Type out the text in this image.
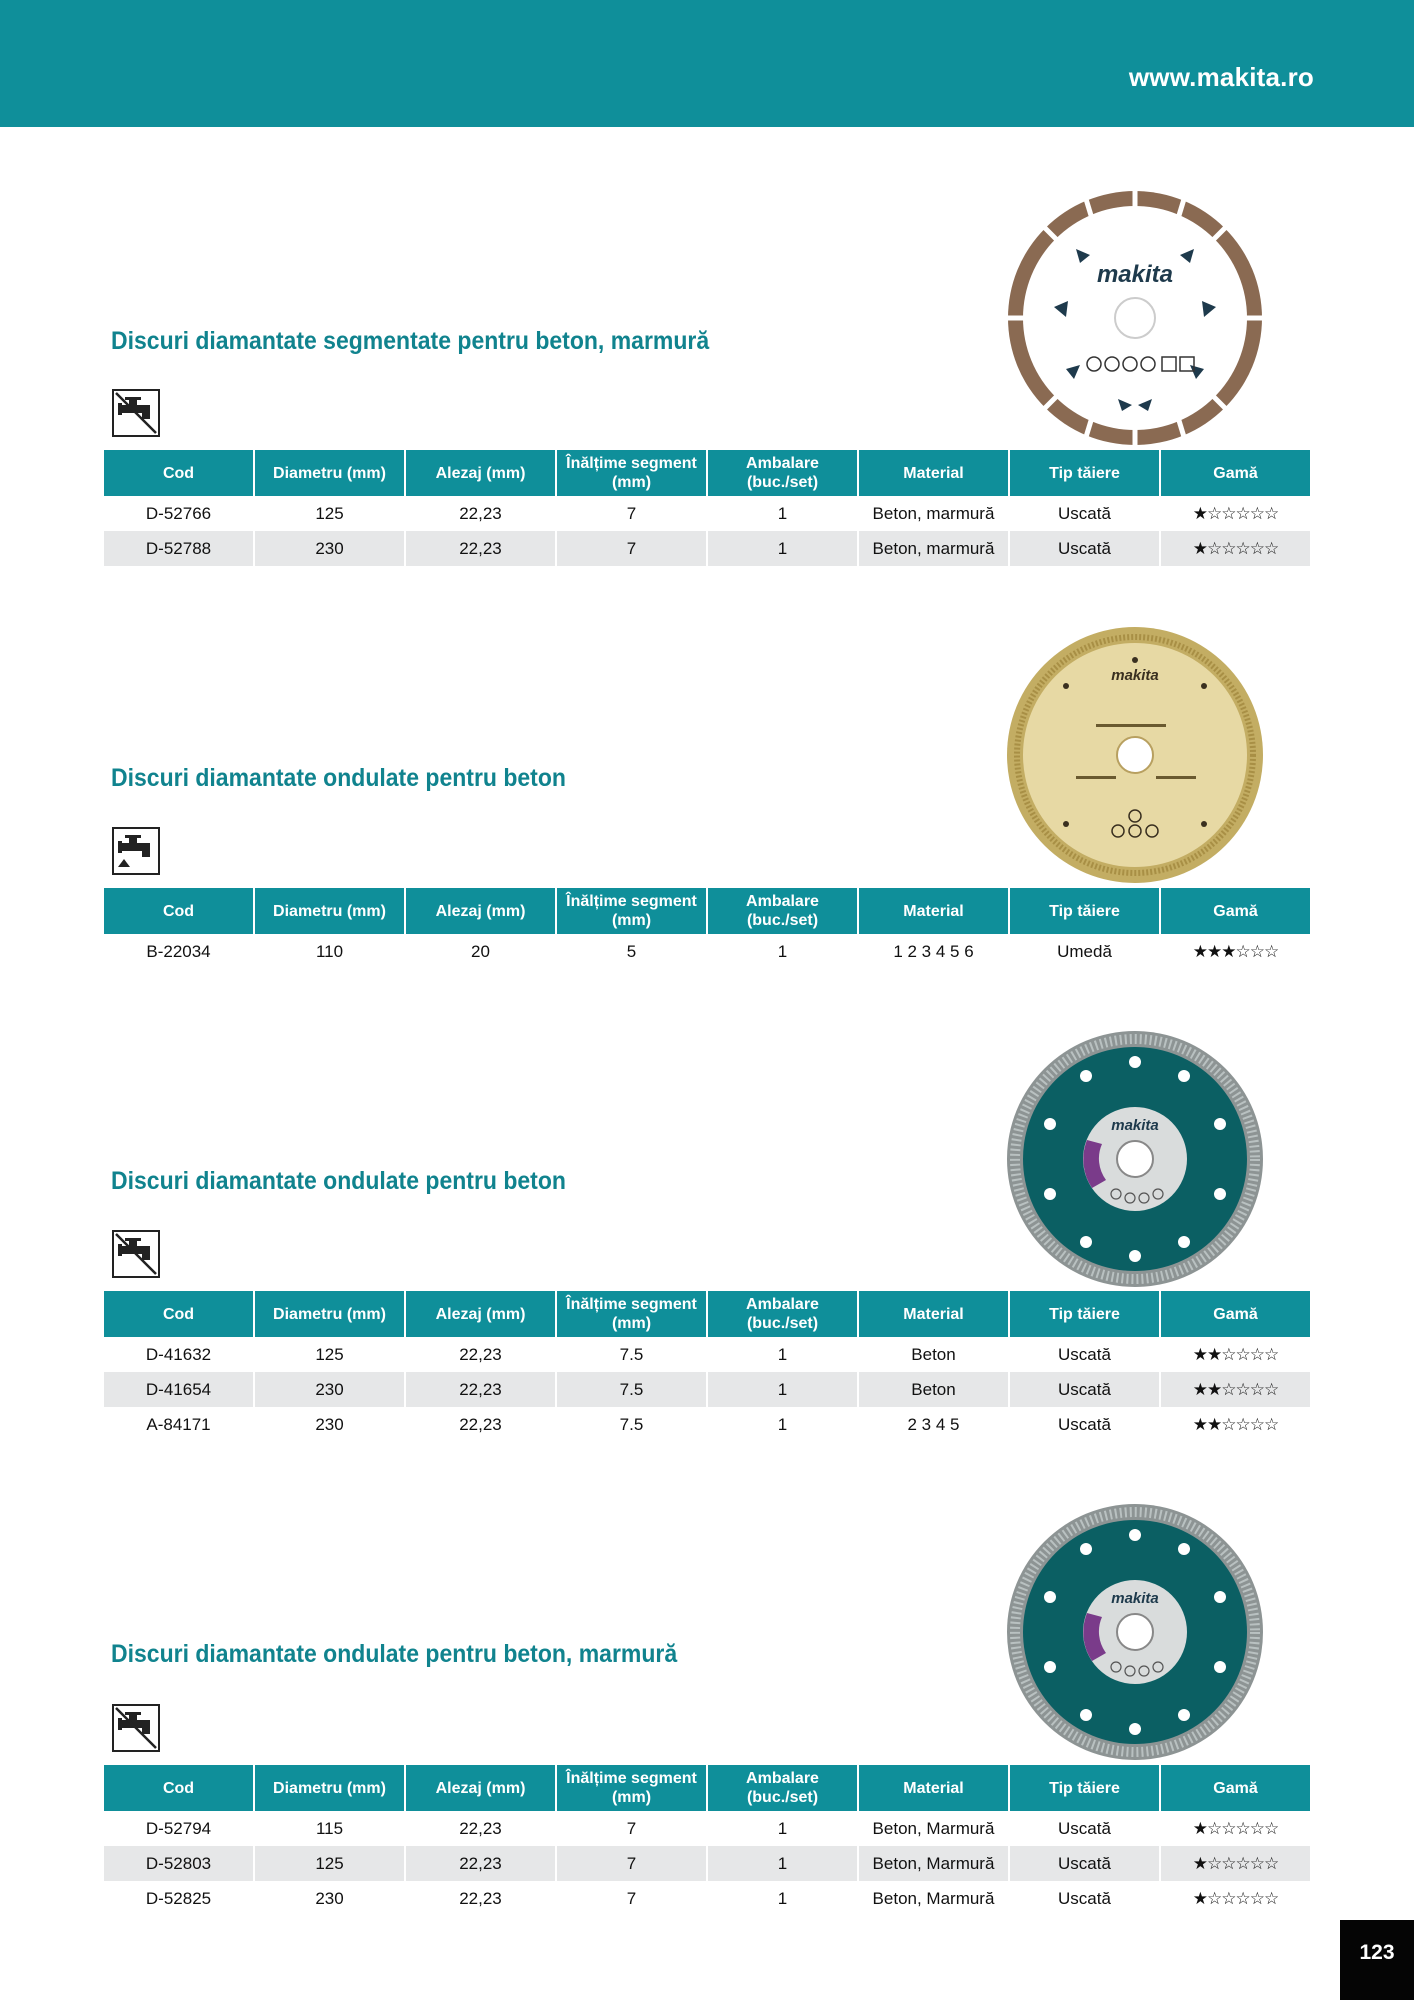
www.makita.ro
makita
Discuri diamantate segmentate pentru beton, marmură
Cod	Diametru (mm)	Alezaj (mm)	Înălțime segment (mm)	Ambalare (buc./set)	Material	Tip tăiere	Gamă
D-52766	125	22,23	7	1	Beton, marmură	Uscată	★☆☆☆☆☆
D-52788	230	22,23	7	1	Beton, marmură	Uscată	★☆☆☆☆☆
makita
Discuri diamantate ondulate pentru beton
Cod	Diametru (mm)	Alezaj (mm)	Înălțime segment (mm)	Ambalare (buc./set)	Material	Tip tăiere	Gamă
B-22034	110	20	5	1	1 2 3 4 5 6	Umedă	★★★☆☆☆
makita
Discuri diamantate ondulate pentru beton
Cod	Diametru (mm)	Alezaj (mm)	Înălțime segment (mm)	Ambalare (buc./set)	Material	Tip tăiere	Gamă
D-41632	125	22,23	7.5	1	Beton	Uscată	★★☆☆☆☆
D-41654	230	22,23	7.5	1	Beton	Uscată	★★☆☆☆☆
A-84171	230	22,23	7.5	1	2 3 4 5	Uscată	★★☆☆☆☆
makita
Discuri diamantate ondulate pentru beton, marmură
Cod	Diametru (mm)	Alezaj (mm)	Înălțime segment (mm)	Ambalare (buc./set)	Material	Tip tăiere	Gamă
D-52794	115	22,23	7	1	Beton, Marmură	Uscată	★☆☆☆☆☆
D-52803	125	22,23	7	1	Beton, Marmură	Uscată	★☆☆☆☆☆
D-52825	230	22,23	7	1	Beton, Marmură	Uscată	★☆☆☆☆☆
123
